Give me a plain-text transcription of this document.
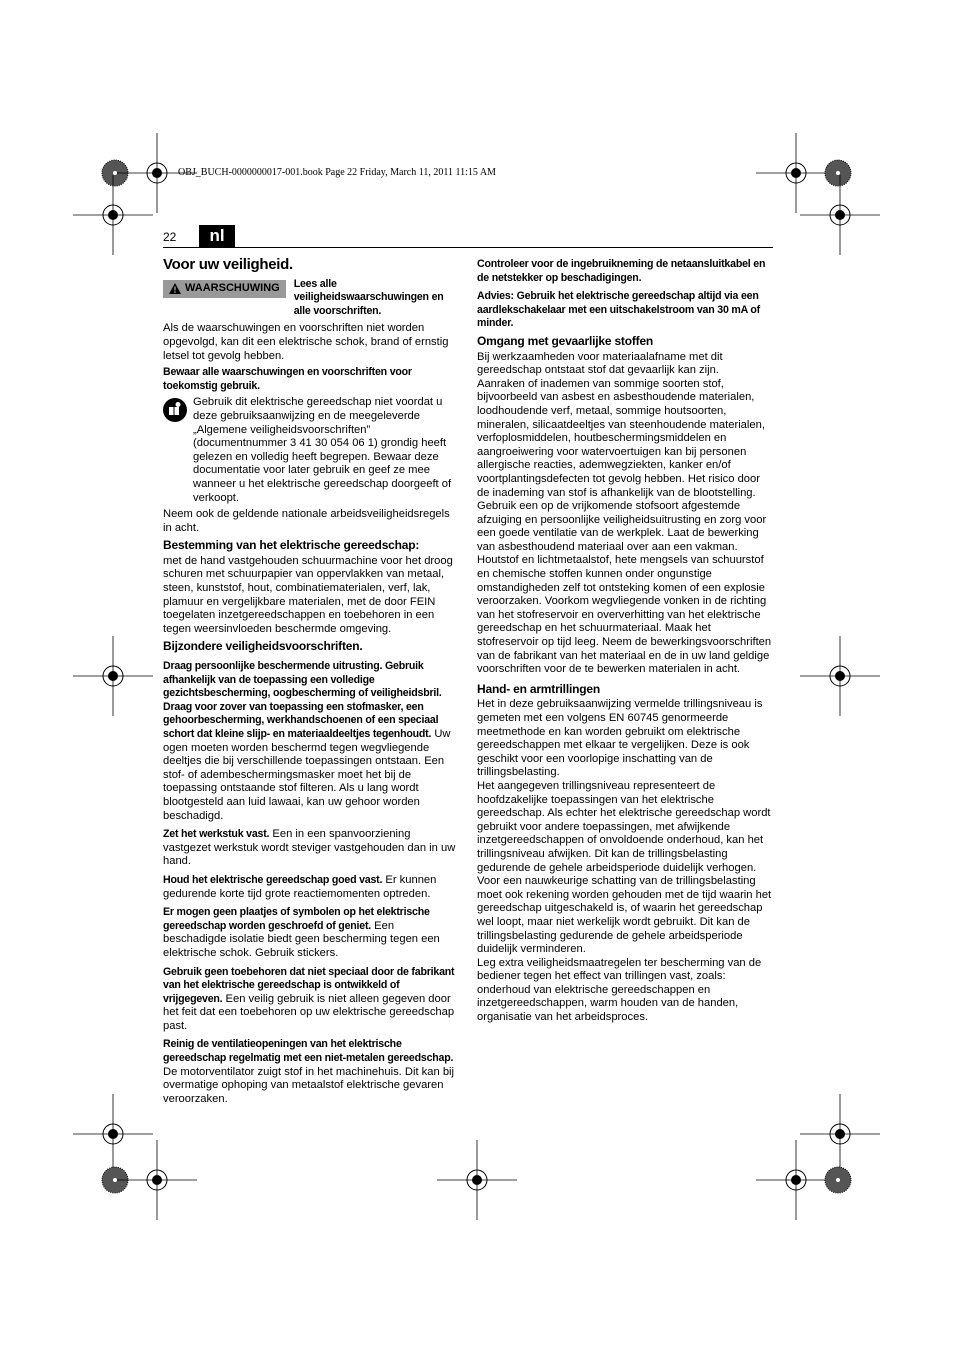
OBJ_BUCH-0000000017-001.book Page 22 Friday, March 11, 2011 11:15 AM
22	nl

Voor uw veiligheid.

WAARSCHUWING Lees alle veiligheidswaarschuwingen en alle voorschriften.

Als de waarschuwingen en voorschriften niet worden opgevolgd, kan dit een elektrische schok, brand of ernstig letsel tot gevolg hebben.

Bewaar alle waarschuwingen en voorschriften voor toekomstig gebruik.

Gebruik dit elektrische gereedschap niet voordat u deze gebruiksaanwijzing en de meegeleverde „Algemene veiligheidsvoorschriften” (documentnummer 3 41 30 054 06 1) grondig heeft gelezen en volledig heeft begrepen. Bewaar deze documentatie voor later gebruik en geef ze mee wanneer u het elektrische gereedschap doorgeeft of verkoopt.

Neem ook de geldende nationale arbeidsveiligheidsregels in acht.

Bestemming van het elektrische gereedschap:

met de hand vastgehouden schuurmachine voor het droog schuren met schuurpapier van oppervlakken van metaal, steen, kunststof, hout, combinatiematerialen, verf, lak, plamuur en vergelijkbare materialen, met de door FEIN toegelaten inzetgereedschappen en toebehoren in een tegen weersinvloeden beschermde omgeving.

Bijzondere veiligheidsvoorschriften.

Draag persoonlijke beschermende uitrusting. Gebruik afhankelijk van de toepassing een volledige gezichtsbescherming, oogbescherming of veiligheidsbril. Draag voor zover van toepassing een stofmasker, een gehoorbescherming, werkhandschoenen of een speciaal schort dat kleine slijp- en materiaaldeeltjes tegenhoudt. Uw ogen moeten worden beschermd tegen wegvliegende deeltjes die bij verschillende toepassingen ontstaan. Een stof- of adembeschermingsmasker moet het bij de toepassing ontstaande stof filteren. Als u lang wordt blootgesteld aan luid lawaai, kan uw gehoor worden beschadigd.

Zet het werkstuk vast. Een in een spanvoorziening vastgezet werkstuk wordt steviger vastgehouden dan in uw hand.

Houd het elektrische gereedschap goed vast. Er kunnen gedurende korte tijd grote reactiemomenten optreden.

Er mogen geen plaatjes of symbolen op het elektrische gereedschap worden geschroefd of geniet. Een beschadigde isolatie biedt geen bescherming tegen een elektrische schok. Gebruik stickers.

Gebruik geen toebehoren dat niet speciaal door de fabrikant van het elektrische gereedschap is ontwikkeld of vrijgegeven. Een veilig gebruik is niet alleen gegeven door het feit dat een toebehoren op uw elektrische gereedschap past.

Reinig de ventilatieopeningen van het elektrische gereedschap regelmatig met een niet-metalen gereedschap. De motorventilator zuigt stof in het machinehuis. Dit kan bij overmatige ophoping van metaalstof elektrische gevaren veroorzaken.

Controleer voor de ingebruikneming de netaansluitkabel en de netstekker op beschadigingen.

Advies: Gebruik het elektrische gereedschap altijd via een aardlekschakelaar met een uitschakelstroom van 30 mA of minder.

Omgang met gevaarlijke stoffen

Bij werkzaamheden voor materiaalafname met dit gereedschap ontstaat stof dat gevaarlijk kan zijn.

Aanraken of inademen van sommige soorten stof, bijvoorbeeld van asbest en asbesthoudende materialen, loodhoudende verf, metaal, sommige houtsoorten, mineralen, silicaatdeeltjes van steenhoudende materialen, verfoplosmiddelen, houtbeschermingsmiddelen en aangroeiwering voor watervoertuigen kan bij personen allergische reacties, ademwegziekten, kanker en/of voortplantingsdefecten tot gevolg hebben. Het risico door de inademing van stof is afhankelijk van de blootstelling. Gebruik een op de vrijkomende stofsoort afgestemde afzuiging en persoonlijke veiligheidsuitrusting en zorg voor een goede ventilatie van de werkplek. Laat de bewerking van asbesthoudend materiaal over aan een vakman.

Houtstof en lichtmetaalstof, hete mengsels van schuurstof en chemische stoffen kunnen onder ongunstige omstandigheden zelf tot ontsteking komen of een explosie veroorzaken. Voorkom wegvliegende vonken in de richting van het stofreservoir en oververhitting van het elektrische gereedschap en het schuurmateriaal. Maak het stofreservoir op tijd leeg. Neem de bewerkingsvoorschriften van de fabrikant van het materiaal en de in uw land geldige voorschriften voor de te bewerken materialen in acht.

Hand- en armtrillingen

Het in deze gebruiksaanwijzing vermelde trillingsniveau is gemeten met een volgens EN 60745 genormeerde meetmethode en kan worden gebruikt om elektrische gereedschappen met elkaar te vergelijken. Deze is ook geschikt voor een voorlopige inschatting van de trillingsbelasting.

Het aangegeven trillingsniveau representeert de hoofdzakelijke toepassingen van het elektrische gereedschap. Als echter het elektrische gereedschap wordt gebruikt voor andere toepassingen, met afwijkende inzetgereedschappen of onvoldoende onderhoud, kan het trillingsniveau afwijken. Dit kan de trillingsbelasting gedurende de gehele arbeidsperiode duidelijk verhogen.

Voor een nauwkeurige schatting van de trillingsbelasting moet ook rekening worden gehouden met de tijd waarin het gereedschap uitgeschakeld is, of waarin het gereedschap wel loopt, maar niet werkelijk wordt gebruikt. Dit kan de trillingsbelasting gedurende de gehele arbeidsperiode duidelijk verminderen.

Leg extra veiligheidsmaatregelen ter bescherming van de bediener tegen het effect van trillingen vast, zoals: onderhoud van elektrische gereedschappen en inzetgereedschappen, warm houden van de handen, organisatie van het arbeidsproces.
